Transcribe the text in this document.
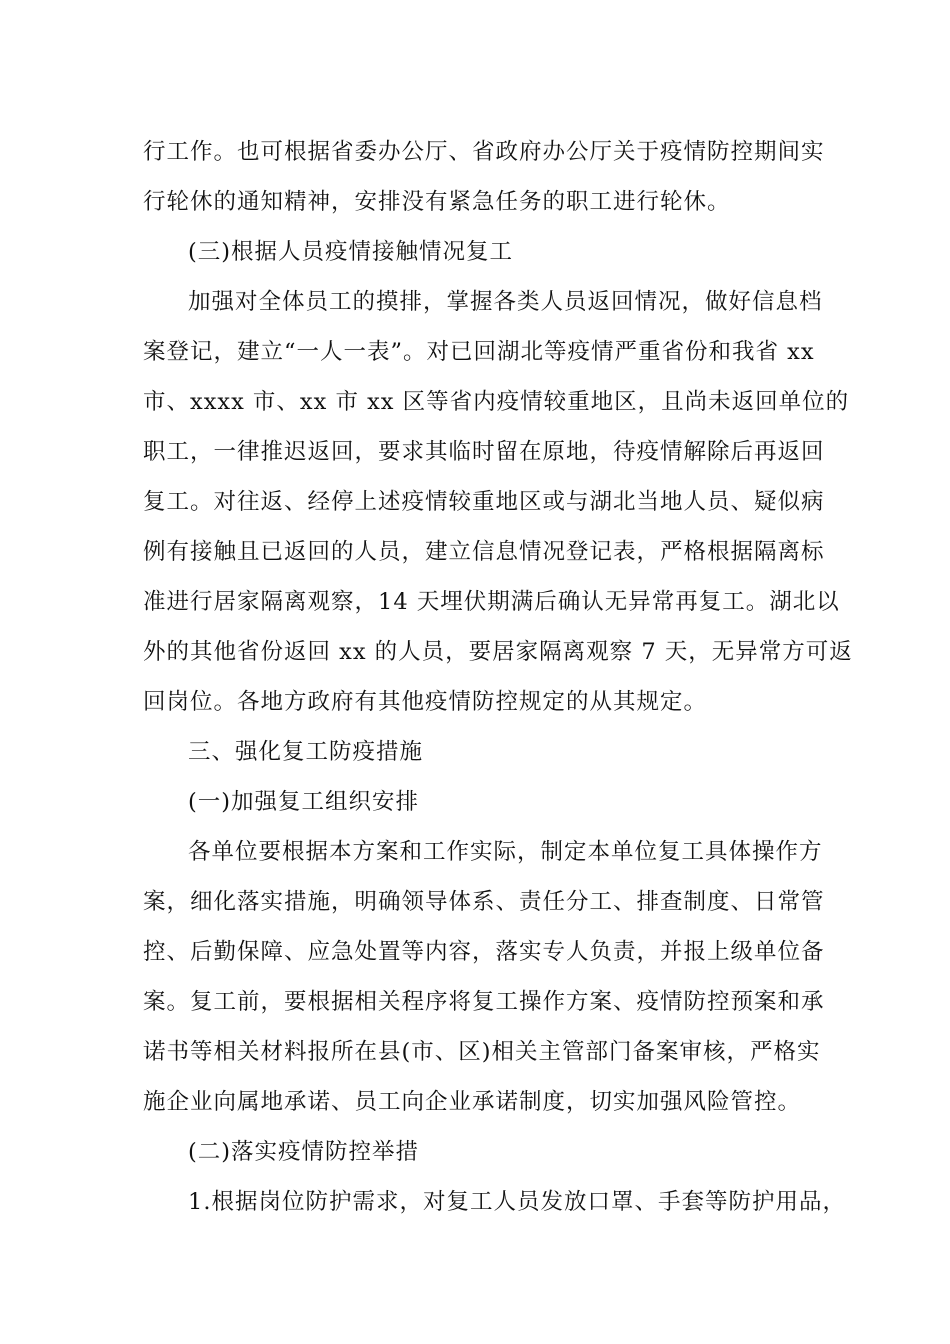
行工作。也可根据省委办公厅、省政府办公厅关于疫情防控期间实
行轮休的通知精神，安排没有紧急任务的职工进行轮休。
(三)根据人员疫情接触情况复工
加强对全体员工的摸排，掌握各类人员返回情况，做好信息档
案登记，建立“一人一表”。对已回湖北等疫情严重省份和我省 xx
市、xxxx 市、xx 市 xx 区等省内疫情较重地区，且尚未返回单位的
职工，一律推迟返回，要求其临时留在原地，待疫情解除后再返回
复工。对往返、经停上述疫情较重地区或与湖北当地人员、疑似病
例有接触且已返回的人员，建立信息情况登记表，严格根据隔离标
准进行居家隔离观察，14 天埋伏期满后确认无异常再复工。湖北以
外的其他省份返回 xx 的人员，要居家隔离观察 7 天，无异常方可返
回岗位。各地方政府有其他疫情防控规定的从其规定。
三、强化复工防疫措施
(一)加强复工组织安排
各单位要根据本方案和工作实际，制定本单位复工具体操作方
案，细化落实措施，明确领导体系、责任分工、排查制度、日常管
控、后勤保障、应急处置等内容，落实专人负责，并报上级单位备
案。复工前，要根据相关程序将复工操作方案、疫情防控预案和承
诺书等相关材料报所在县(市、区)相关主管部门备案审核，严格实
施企业向属地承诺、员工向企业承诺制度，切实加强风险管控。
(二)落实疫情防控举措
1.根据岗位防护需求，对复工人员发放口罩、手套等防护用品，
